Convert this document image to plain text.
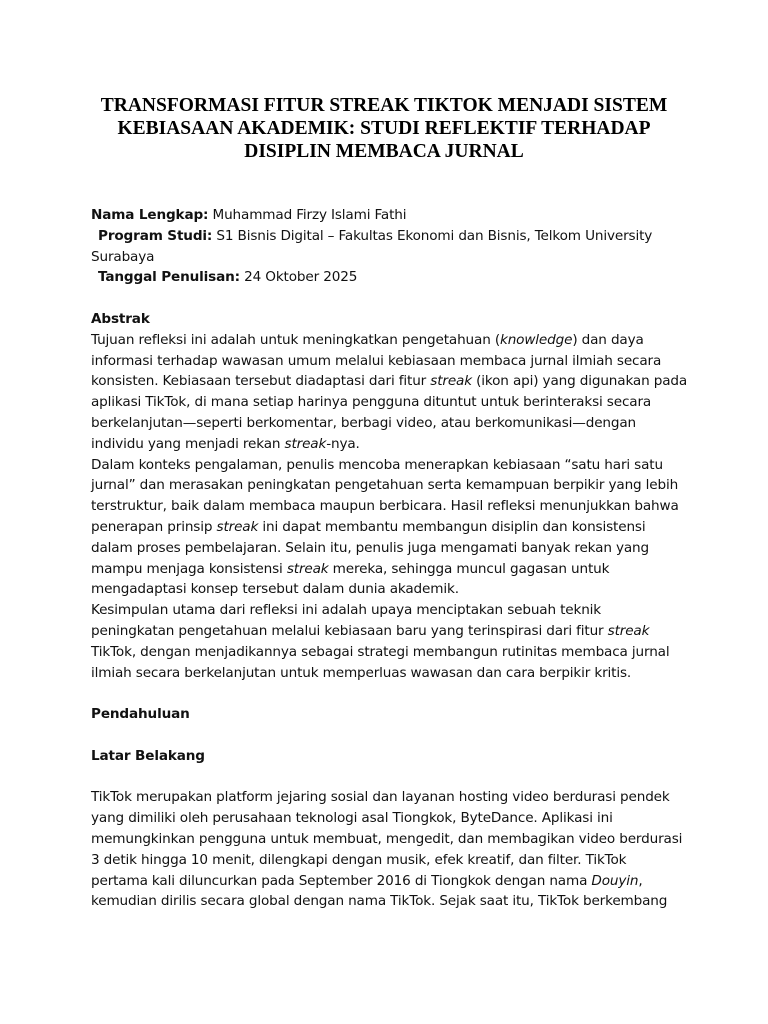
TRANSFORMASI FITUR STREAK TIKTOK MENJADI SISTEM
KEBIASAAN AKADEMIK: STUDI REFLEKTIF TERHADAP
DISIPLIN MEMBACA JURNAL
Nama Lengkap: Muhammad Firzy Islami Fathi
Program Studi: S1 Bisnis Digital – Fakultas Ekonomi dan Bisnis, Telkom University
Surabaya
Tanggal Penulisan: 24 Oktober 2025
Abstrak
Tujuan refleksi ini adalah untuk meningkatkan pengetahuan (knowledge) dan daya
informasi terhadap wawasan umum melalui kebiasaan membaca jurnal ilmiah secara
konsisten. Kebiasaan tersebut diadaptasi dari fitur streak (ikon api) yang digunakan pada
aplikasi TikTok, di mana setiap harinya pengguna dituntut untuk berinteraksi secara
berkelanjutan—seperti berkomentar, berbagi video, atau berkomunikasi—dengan
individu yang menjadi rekan streak-nya.
Dalam konteks pengalaman, penulis mencoba menerapkan kebiasaan “satu hari satu
jurnal” dan merasakan peningkatan pengetahuan serta kemampuan berpikir yang lebih
terstruktur, baik dalam membaca maupun berbicara. Hasil refleksi menunjukkan bahwa
penerapan prinsip streak ini dapat membantu membangun disiplin dan konsistensi
dalam proses pembelajaran. Selain itu, penulis juga mengamati banyak rekan yang
mampu menjaga konsistensi streak mereka, sehingga muncul gagasan untuk
mengadaptasi konsep tersebut dalam dunia akademik.
Kesimpulan utama dari refleksi ini adalah upaya menciptakan sebuah teknik
peningkatan pengetahuan melalui kebiasaan baru yang terinspirasi dari fitur streak
TikTok, dengan menjadikannya sebagai strategi membangun rutinitas membaca jurnal
ilmiah secara berkelanjutan untuk memperluas wawasan dan cara berpikir kritis.
Pendahuluan
Latar Belakang
TikTok merupakan platform jejaring sosial dan layanan hosting video berdurasi pendek
yang dimiliki oleh perusahaan teknologi asal Tiongkok, ByteDance. Aplikasi ini
memungkinkan pengguna untuk membuat, mengedit, dan membagikan video berdurasi
3 detik hingga 10 menit, dilengkapi dengan musik, efek kreatif, dan filter. TikTok
pertama kali diluncurkan pada September 2016 di Tiongkok dengan nama Douyin,
kemudian dirilis secara global dengan nama TikTok. Sejak saat itu, TikTok berkembang
